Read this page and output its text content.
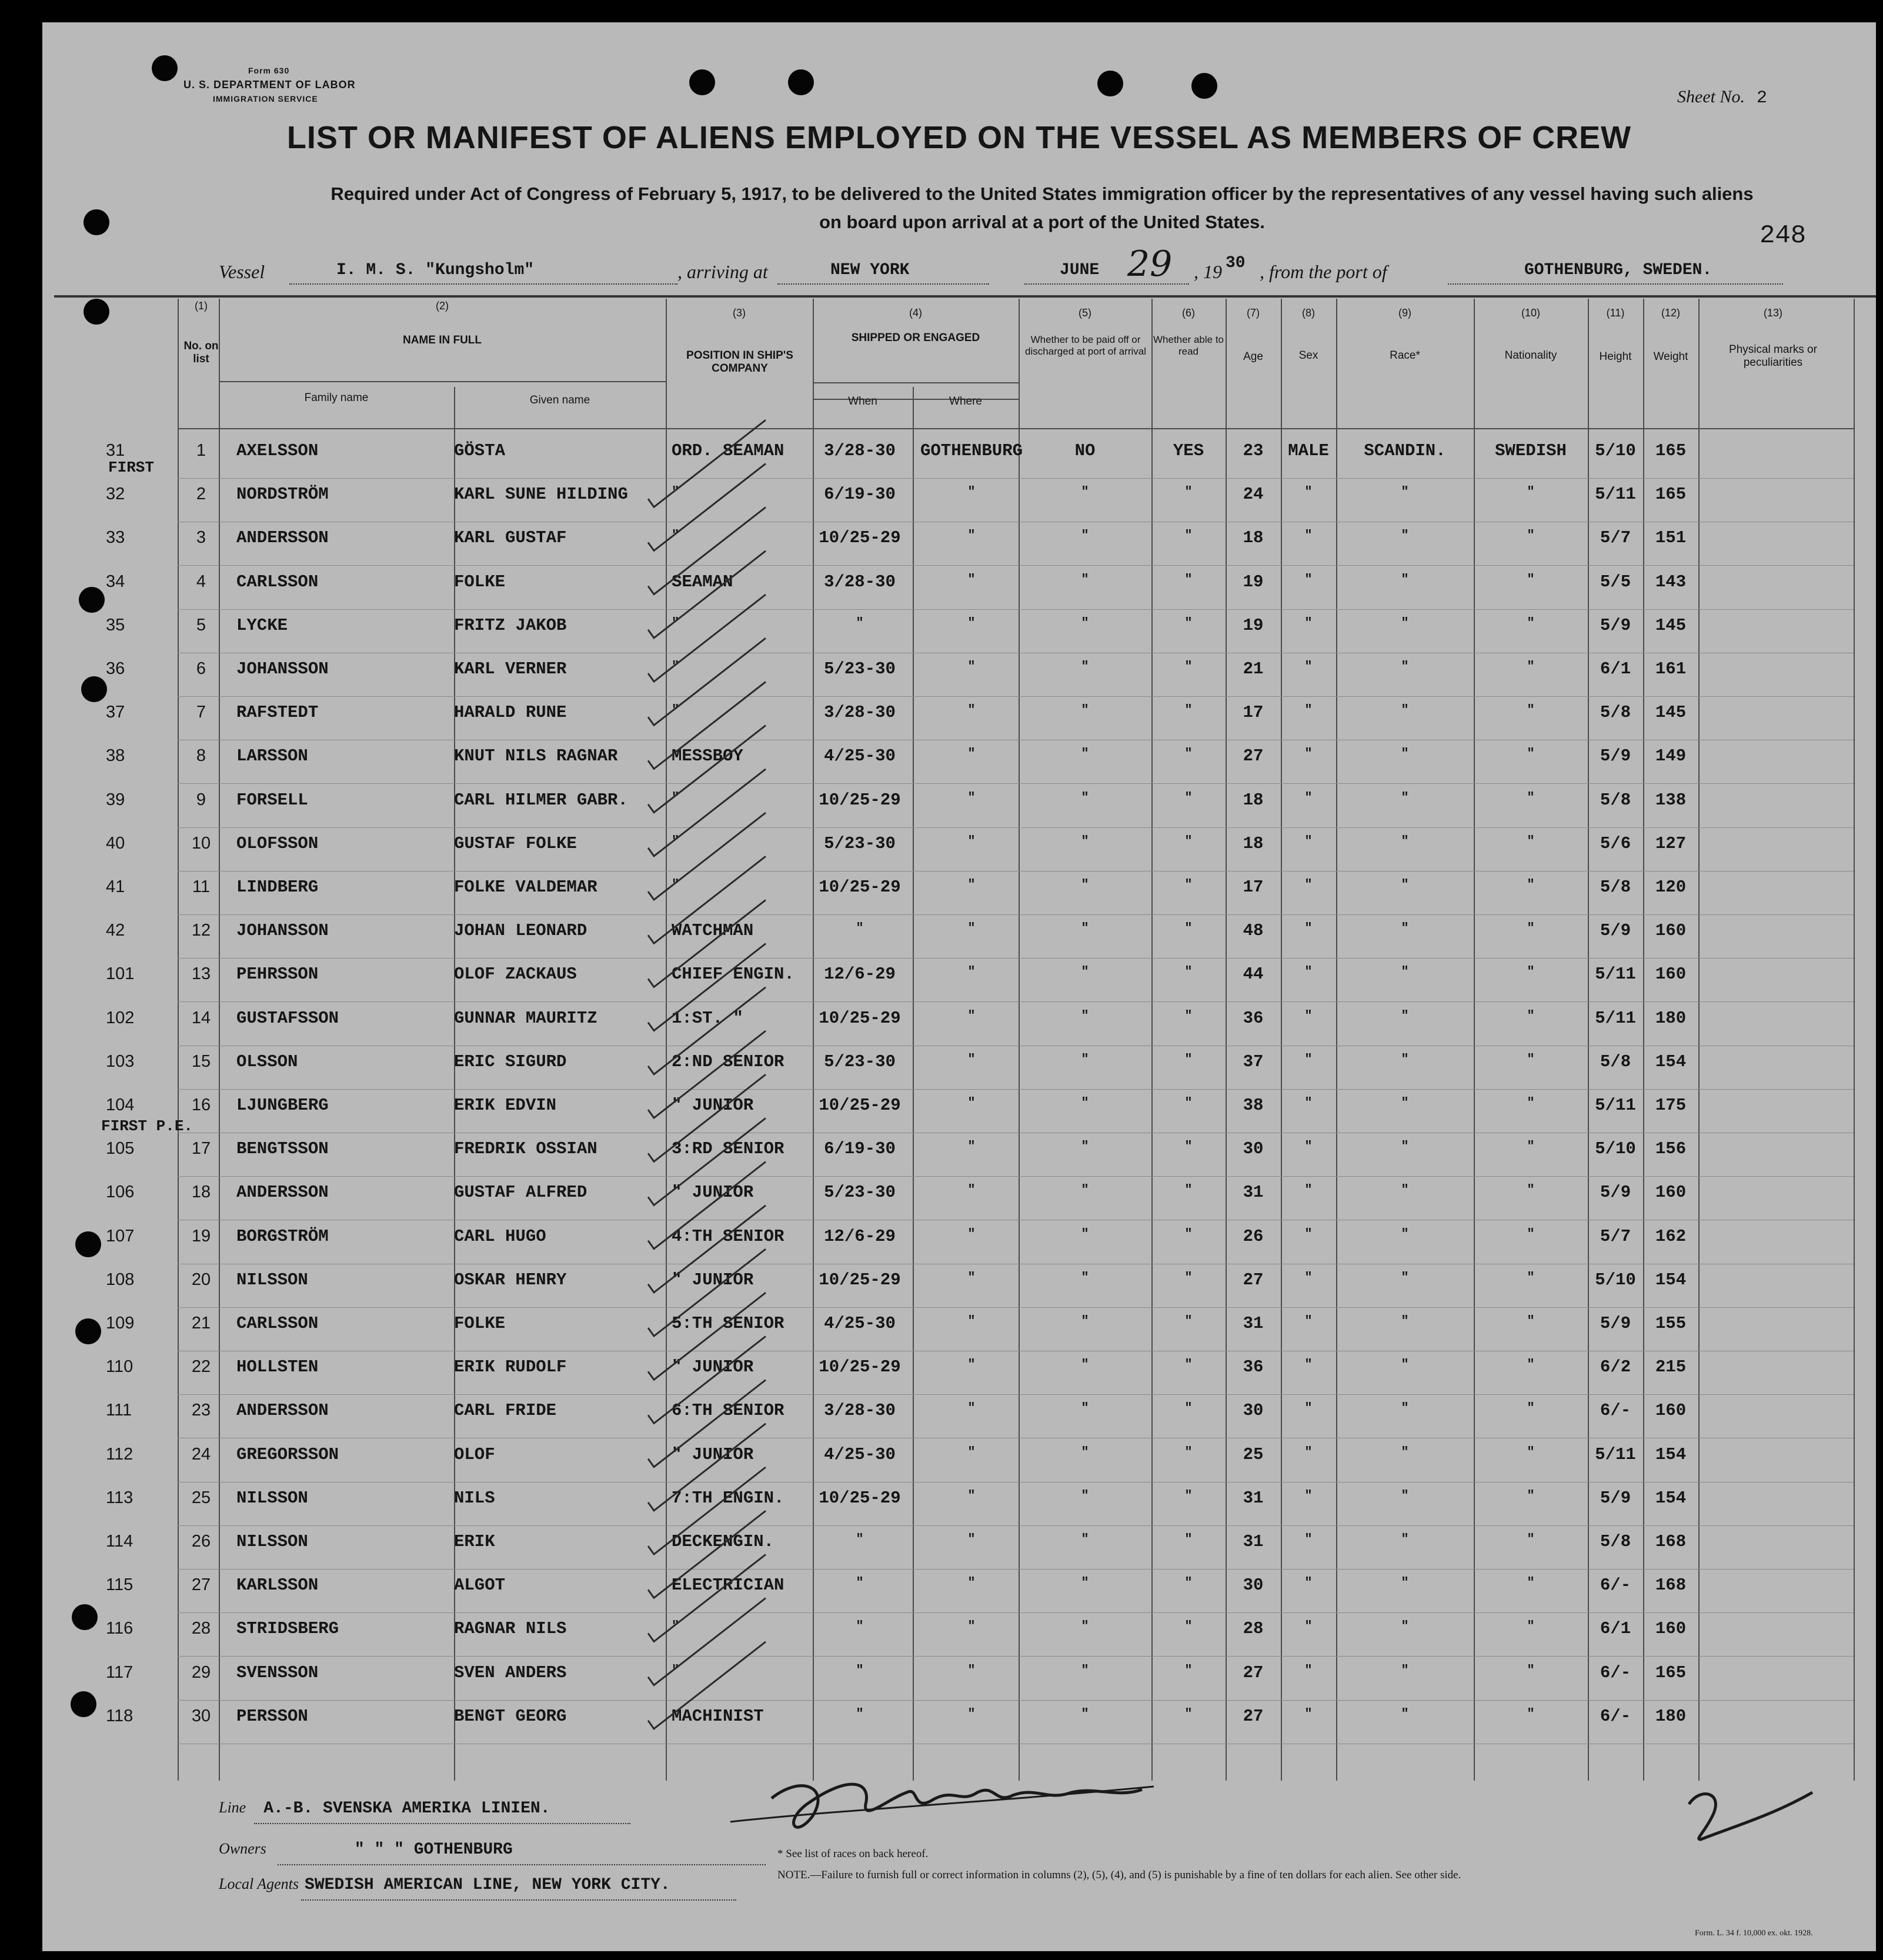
Form 630
U. S. DEPARTMENT OF LABOR
IMMIGRATION SERVICE	Sheet No. 2
LIST OR MANIFEST OF ALIENS EMPLOYED ON THE VESSEL AS MEMBERS OF CREW
Required under Act of Congress of February 5, 1917, to be delivered to the United States immigration officer by the representatives of any vessel having such aliens
on board upon arrival at a port of the United States.	248
Vessel	I. M. S. "Kungsholm"	, arriving at	NEW YORK	JUNE 29 , 19 30 , from the port of	GOTHENBURG, SWEDEN.
(1)	(2)
(3)	(4)	(5)	(6)	(7)	(8)	(9)	(10)	(11)	(12)	(13)
No. on list
NAME IN FULL
Family name	Given name
POSITION IN SHIP'S COMPANY
SHIPPED OR ENGAGED
When	Where
Whether to be paid off or discharged at port of arrival
Whether able to read	Age	Sex	Race*	Nationality	Height	Weight
Physical marks or peculiarities
FIRST
FIRST P.E.
31	1	AXELSSON	GÖSTA	ORD. SEAMAN	3/28-30	GOTHENBURG	NO	YES	23	MALE	SCANDIN.	SWEDISH	5/10	165
32	2	NORDSTRÖM	KARL SUNE HILDING	"	6/19-30	"	"	"	24	"	"	"	5/11	165
33	3	ANDERSSON	KARL GUSTAF	"	10/25-29	"	"	"	18	"	"	"	5/7	151
34	4	CARLSSON	FOLKE	SEAMAN	3/28-30	"	"	"	19	"	"	"	5/5	143
35	5	LYCKE	FRITZ JAKOB	"	"	"	"	"	19	"	"	"	5/9	145
36	6	JOHANSSON	KARL VERNER	"	5/23-30	"	"	"	21	"	"	"	6/1	161
37	7	RAFSTEDT	HARALD RUNE	"	3/28-30	"	"	"	17	"	"	"	5/8	145
38	8	LARSSON	KNUT NILS RAGNAR	MESSBOY	4/25-30	"	"	"	27	"	"	"	5/9	149
39	9	FORSELL	CARL HILMER GABR.	"	10/25-29	"	"	"	18	"	"	"	5/8	138
40	10	OLOFSSON	GUSTAF FOLKE	"	5/23-30	"	"	"	18	"	"	"	5/6	127
41	11	LINDBERG	FOLKE VALDEMAR	"	10/25-29	"	"	"	17	"	"	"	5/8	120
42	12	JOHANSSON	JOHAN LEONARD	WATCHMAN	"	"	"	"	48	"	"	"	5/9	160
101	13	PEHRSSON	OLOF ZACKAUS	CHIEF ENGIN.	12/6-29	"	"	"	44	"	"	"	5/11	160
102	14	GUSTAFSSON	GUNNAR MAURITZ	1:ST. "	10/25-29	"	"	"	36	"	"	"	5/11	180
103	15	OLSSON	ERIC SIGURD	2:ND SENIOR	5/23-30	"	"	"	37	"	"	"	5/8	154
104	16	LJUNGBERG	ERIK EDVIN	" JUNIOR	10/25-29	"	"	"	38	"	"	"	5/11	175
105	17	BENGTSSON	FREDRIK OSSIAN	3:RD SENIOR	6/19-30	"	"	"	30	"	"	"	5/10	156
106	18	ANDERSSON	GUSTAF ALFRED	" JUNIOR	5/23-30	"	"	"	31	"	"	"	5/9	160
107	19	BORGSTRÖM	CARL HUGO	4:TH SENIOR	12/6-29	"	"	"	26	"	"	"	5/7	162
108	20	NILSSON	OSKAR HENRY	" JUNIOR	10/25-29	"	"	"	27	"	"	"	5/10	154
109	21	CARLSSON	FOLKE	5:TH SENIOR	4/25-30	"	"	"	31	"	"	"	5/9	155
110	22	HOLLSTEN	ERIK RUDOLF	" JUNIOR	10/25-29	"	"	"	36	"	"	"	6/2	215
111	23	ANDERSSON	CARL FRIDE	6:TH SENIOR	3/28-30	"	"	"	30	"	"	"	6/-	160
112	24	GREGORSSON	OLOF	" JUNIOR	4/25-30	"	"	"	25	"	"	"	5/11	154
113	25	NILSSON	NILS	7:TH ENGIN.	10/25-29	"	"	"	31	"	"	"	5/9	154
114	26	NILSSON	ERIK	DECKENGIN.	"	"	"	"	31	"	"	"	5/8	168
115	27	KARLSSON	ALGOT	ELECTRICIAN	"	"	"	"	30	"	"	"	6/-	168
116	28	STRIDSBERG	RAGNAR NILS	"	"	"	"	"	28	"	"	"	6/1	160
117	29	SVENSSON	SVEN ANDERS	"	"	"	"	"	27	"	"	"	6/-	165
118	30	PERSSON	BENGT GEORG	MACHINIST	"	"	"	"	27	"	"	"	6/-	180
Line A.-B. SVENSKA AMERIKA LINIEN.
Owners	" " " GOTHENBURG
Local Agents SWEDISH AMERICAN LINE, NEW YORK CITY.
* See list of races on back hereof.
NOTE.—Failure to furnish full or correct information in columns (2), (5), (4), and (5) is punishable by a fine of ten dollars for each alien. See other side.
Form. L. 34 f. 10,000 ex. okt. 1928.
